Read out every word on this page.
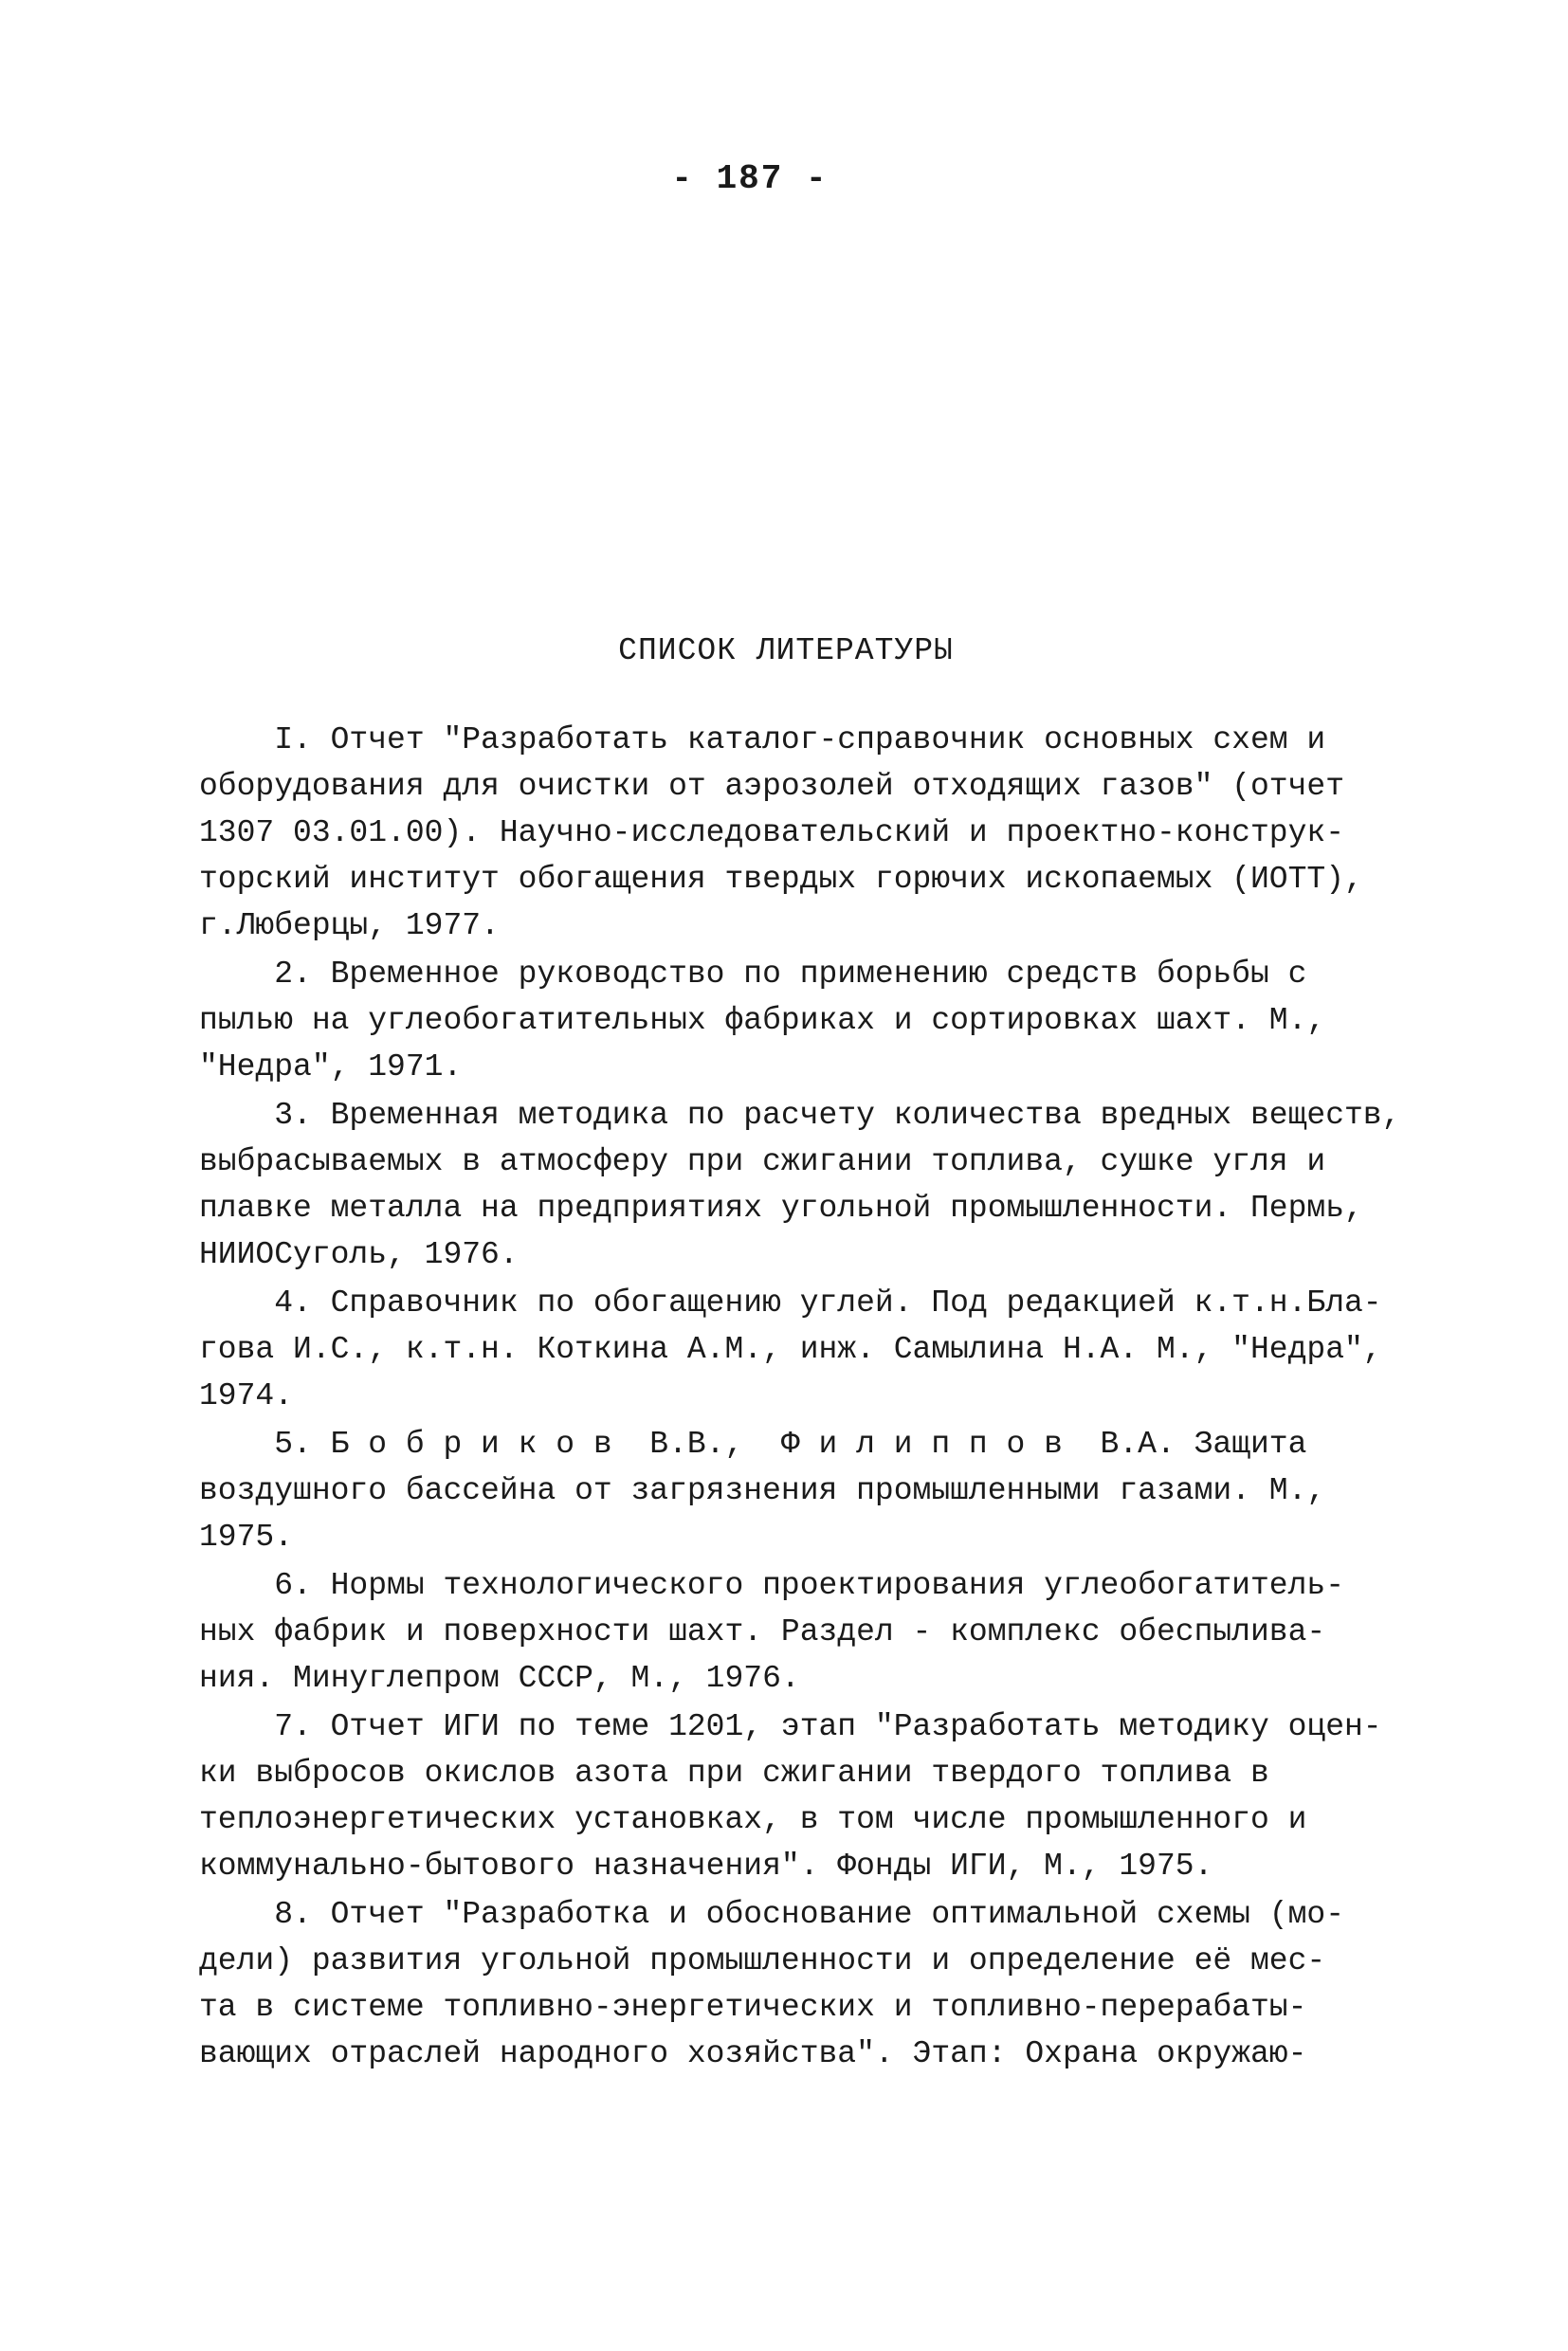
- 187 -
СПИСОК ЛИТЕРАТУРЫ
I. Отчет "Разработать каталог-справочник основных схем и
оборудования для очистки от аэрозолей отходящих газов" (отчет
1307 03.01.00). Научно-исследовательский и проектно-конструк-
торский институт обогащения твердых горючих ископаемых (ИОТТ),
г.Люберцы, 1977.
2. Временное руководство по применению средств борьбы с
пылью на углеобогатительных фабриках и сортировках шахт. М.,
"Недра", 1971.
3. Временная методика по расчету количества вредных веществ,
выбрасываемых в атмосферу при сжигании топлива, сушке угля и
плавке металла на предприятиях угольной промышленности. Пермь,
НИИОСуголь, 1976.
4. Справочник по обогащению углей. Под редакцией к.т.н.Бла-
гова И.С., к.т.н. Коткина А.М., инж. Самылина Н.А. М., "Недра",
1974.
5. Б о б р и к о в  В.В.,  Ф и л и п п о в  В.А. Защита
воздушного бассейна от загрязнения промышленными газами. М.,
1975.
6. Нормы технологического проектирования углеобогатитель-
ных фабрик и поверхности шахт. Раздел - комплекс обеспылива-
ния. Минуглепром СССР, М., 1976.
7. Отчет ИГИ по теме 1201, этап "Разработать методику оцен-
ки выбросов окислов азота при сжигании твердого топлива в
теплоэнергетических установках, в том числе промышленного и
коммунально-бытового назначения". Фонды ИГИ, М., 1975.
8. Отчет "Разработка и обоснование оптимальной схемы (мо-
дели) развития угольной промышленности и определение её мес-
та в системе топливно-энергетических и топливно-перерабаты-
вающих отраслей народного хозяйства". Этап: Охрана окружаю-
